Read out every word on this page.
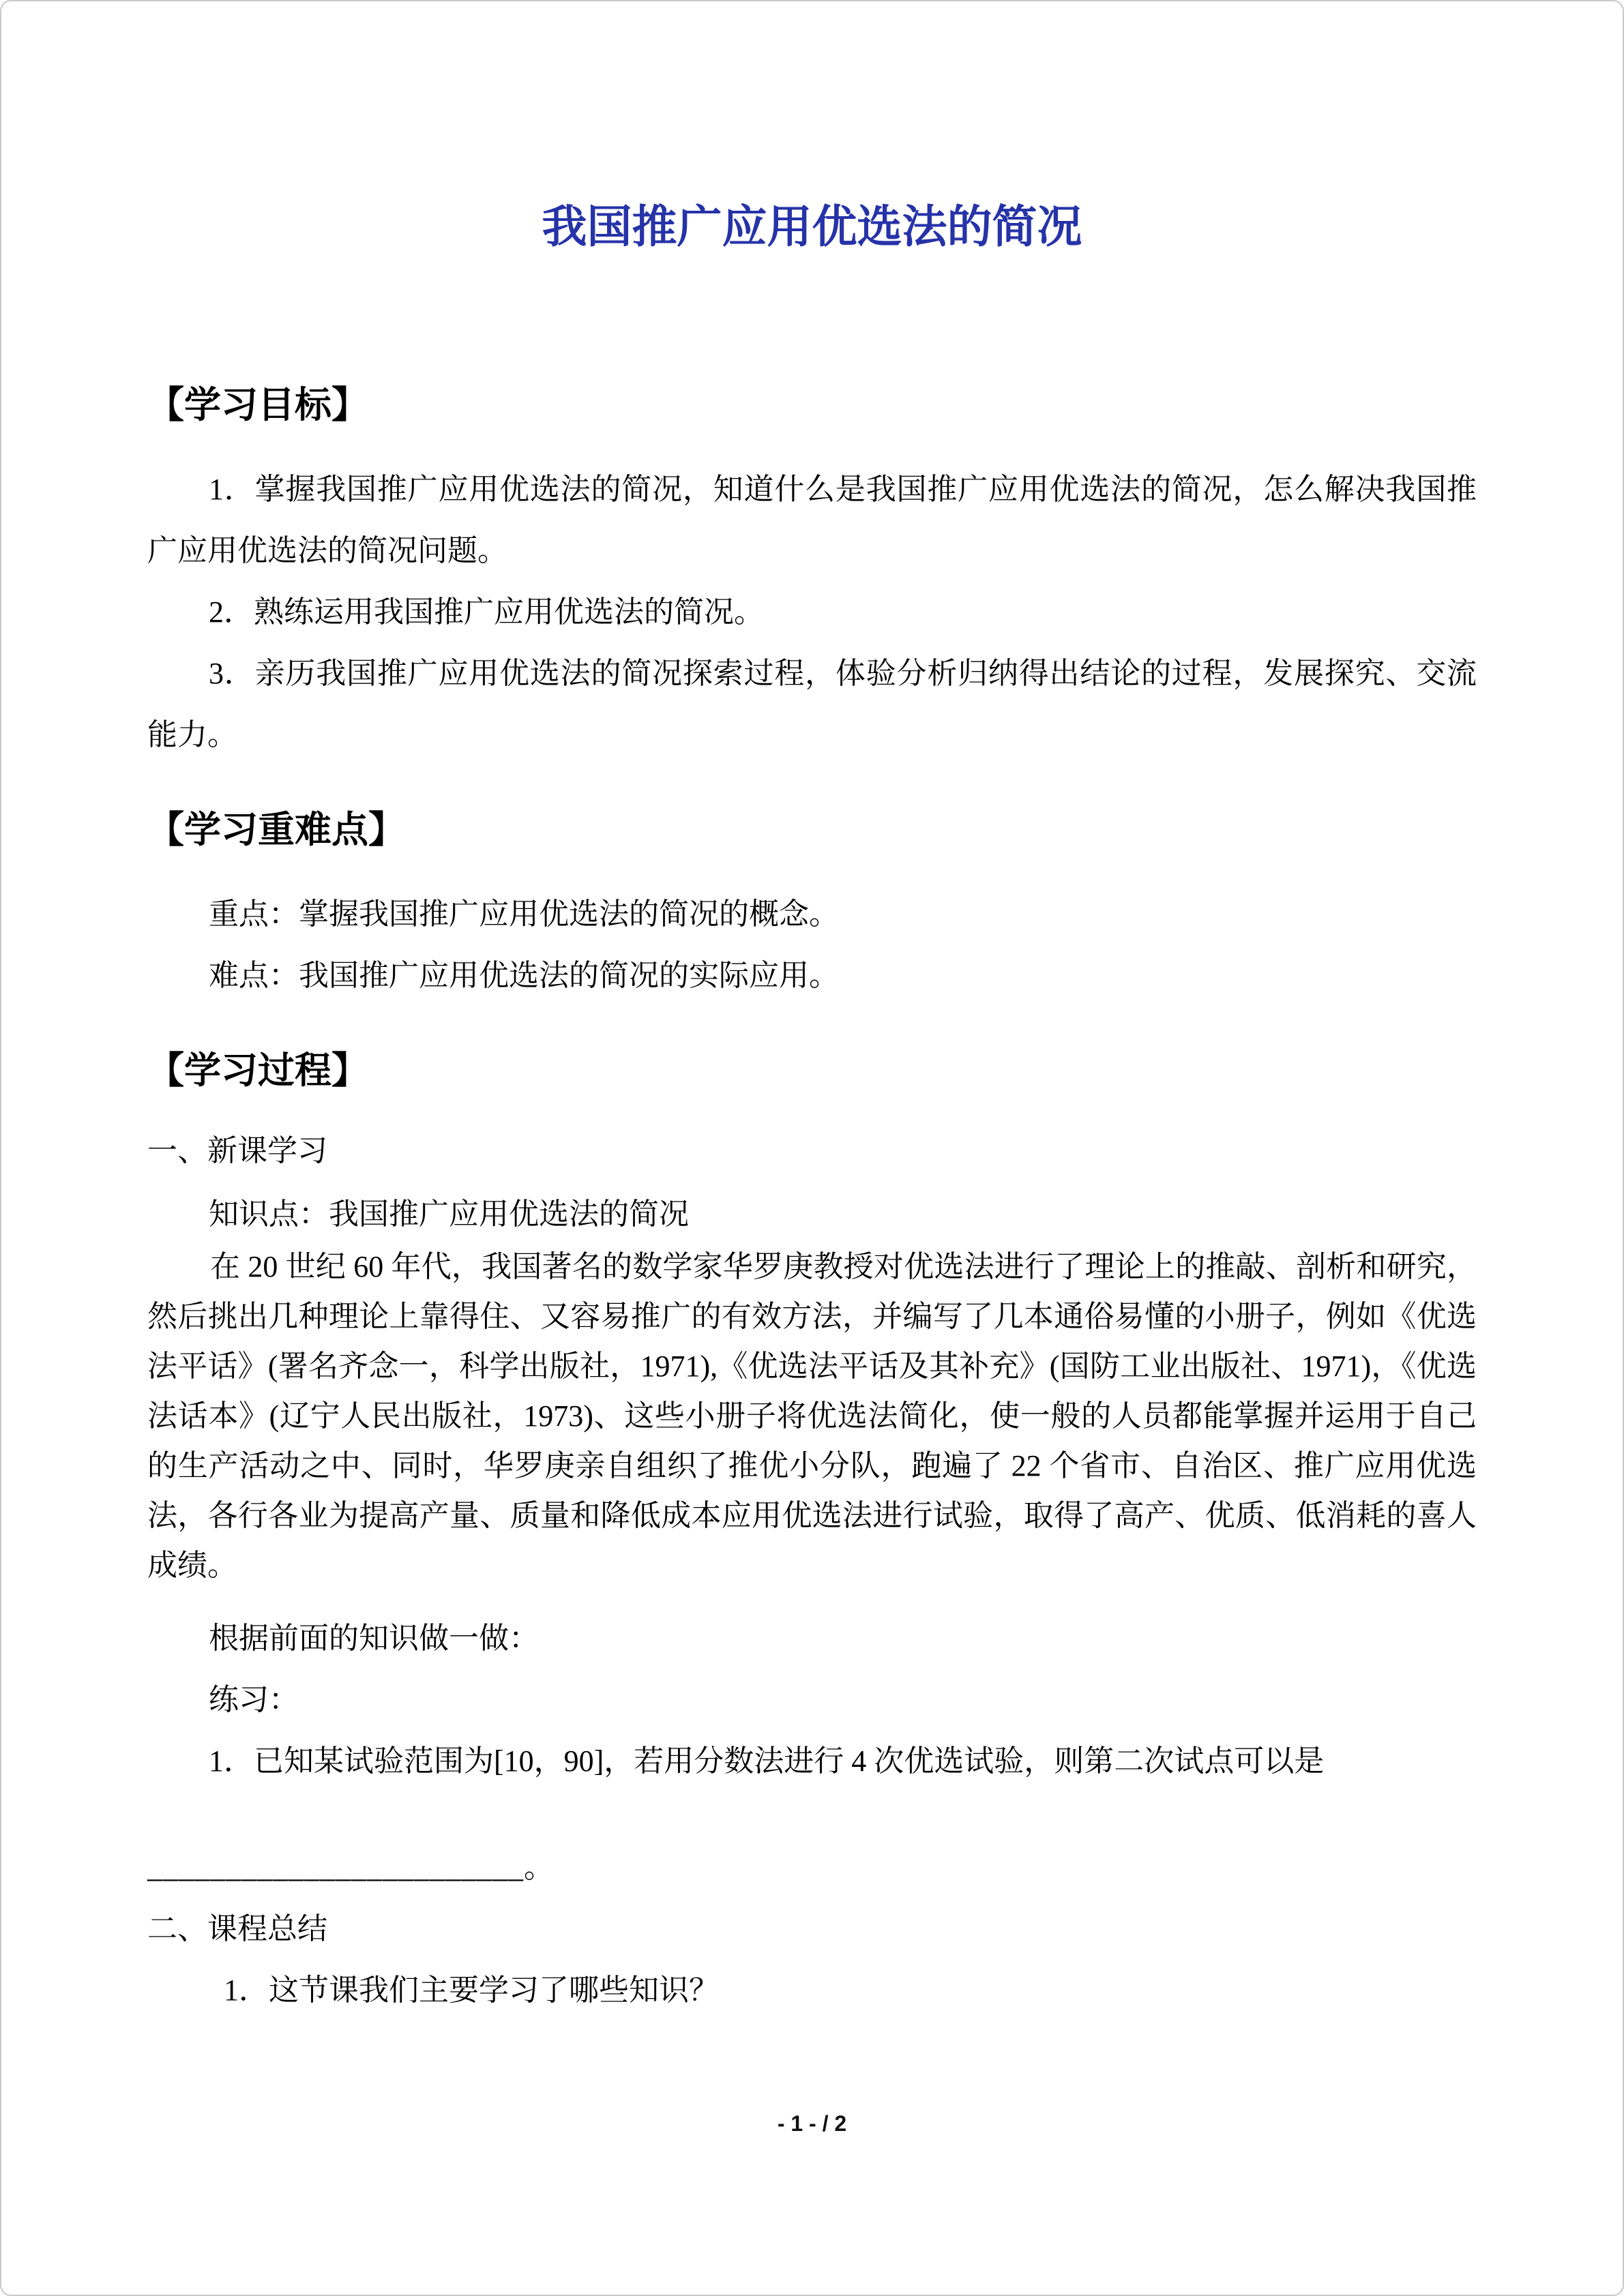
我国推广应用优选法的简况
【学习目标】

1．掌握我国推广应用优选法的简况，知道什么是我国推广应用优选法的简况，怎么解决我国推广应用优选法的简况问题。

2．熟练运用我国推广应用优选法的简况。

3．亲历我国推广应用优选法的简况探索过程，体验分析归纳得出结论的过程，发展探究、交流能力。

【学习重难点】

重点：掌握我国推广应用优选法的简况的概念。

难点：我国推广应用优选法的简况的实际应用。

【学习过程】

一、新课学习

知识点：我国推广应用优选法的简况

在 20 世纪 60 年代，我国著名的数学家华罗庚教授对优选法进行了理论上的推敲、剖析和研究，然后挑出几种理论上靠得住、又容易推广的有效方法，并编写了几本通俗易懂的小册子，例如《优选法平话》(署名齐念一，科学出版社，1971),《优选法平话及其补充》(国防工业出版社、1971)，《优选法话本》(辽宁人民出版社，1973)、这些小册子将优选法简化，使一般的人员都能掌握并运用于自己的生产活动之中、同时，华罗庚亲自组织了推优小分队，跑遍了 22 个省市、自治区、推广应用优选法，各行各业为提高产量、质量和降低成本应用优选法进行试验，取得了高产、优质、低消耗的喜人成绩。

根据前面的知识做一做：

练习：

1．已知某试验范围为[10，90]，若用分数法进行 4 次优选试验，则第二次试点可以是

________________________。

二、课程总结

1．这节课我们主要学习了哪些知识？

- 1 - / 2
